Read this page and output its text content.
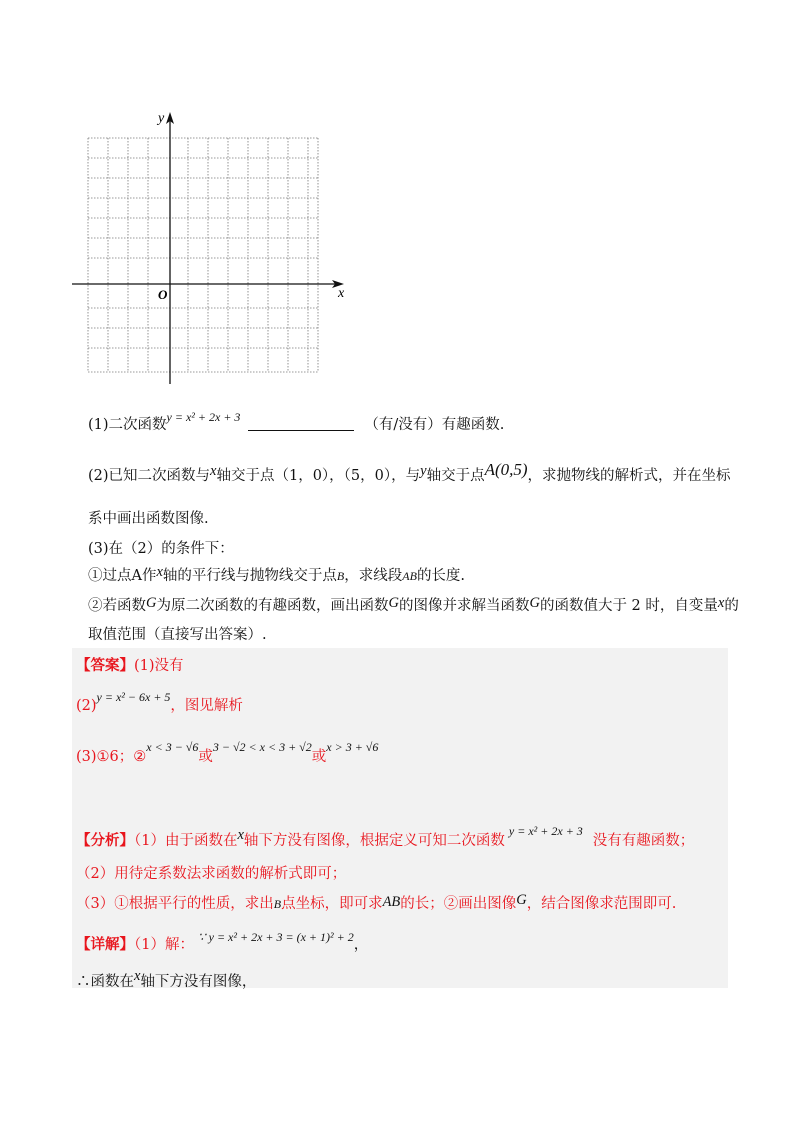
y
x
O
(1)二次函数$^{y = x^2 + 2x + 3}$	（有/没有）有趣函数.
(2)已知二次函数与x轴交于点（1，0），（5，0），与y轴交于点A(0,5)，求抛物线的解析式，并在坐标
系中画出函数图像.
(3)在（2）的条件下：
①过点A作x轴的平行线与抛物线交于点B，求线段AB的长度.
②若函数G为原二次函数的有趣函数，画出函数G的图像并求解当函数G的函数值大于 2 时，自变量x的
取值范围（直接写出答案）.
【答案】(1)没有
$(2)^{y = x^2 - 6x + 5}$，图见解析
(3)①6；②$^{x < 3 - √6}$或$^{3 - √2 < x < 3 + √2}$或$^{x > 3 + √6}$
【分析】（1）由于函数在x轴下方没有图像，根据定义可知二次函数$^{y = x^2 + 2x + 3}$没有有趣函数；
（2）用待定系数法求函数的解析式即可；
（3）①根据平行的性质，求出B点坐标，即可求AB的长；②画出图像G，结合图像求范围即可.
【详解】（1）解： $^{\because y = x^2 + 2x + 3 = (x + 1)^2 + 2}$，
∴函数在x轴下方没有图像，
